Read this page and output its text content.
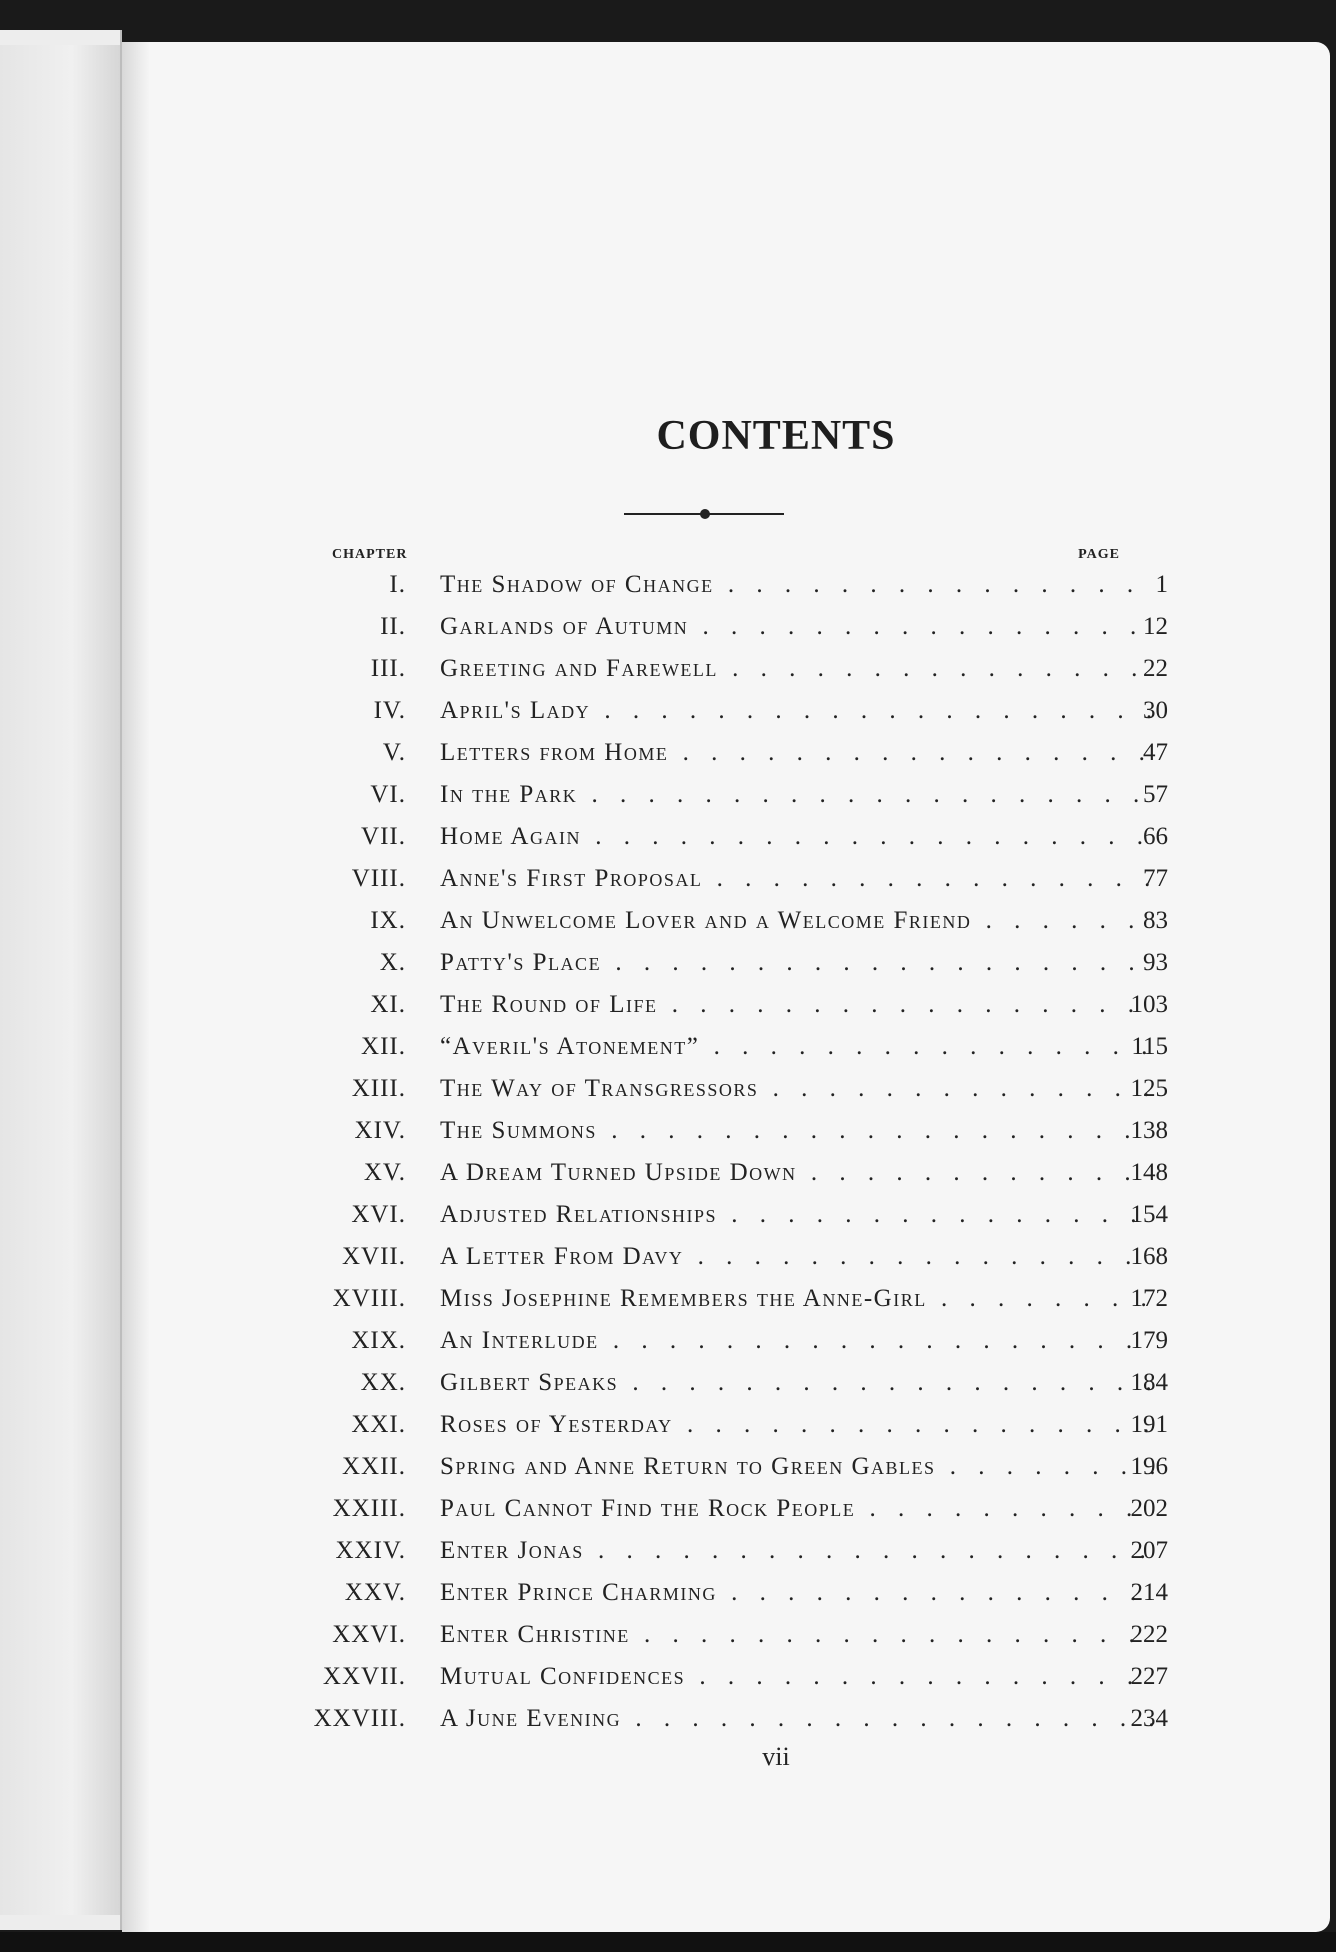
CONTENTS
CHAPTER	PAGE
I. The Shadow of Change . . .	1
II. Garlands of Autumn . . .	12
III. Greeting and Farewell . . .	22
IV. April's Lady . . .	30
V. Letters from Home . . .	47
VI. In the Park . . .	57
VII. Home Again . . .	66
VIII. Anne's First Proposal . . .	77
IX. An Unwelcome Lover and a Welcome Friend . . .	83
X. Patty's Place . . .	93
XI. The Round of Life . . .	103
XII. “Averil's Atonement” . . .	115
XIII. The Way of Transgressors . . .	125
XIV. The Summons . . .	138
XV. A Dream Turned Upside Down . . .	148
XVI. Adjusted Relationships . . .	154
XVII. A Letter From Davy . . .	168
XVIII. Miss Josephine Remembers the Anne-Girl . . .	172
XIX. An Interlude . . .	179
XX. Gilbert Speaks . . .	184
XXI. Roses of Yesterday . . .	191
XXII. Spring and Anne Return to Green Gables . . .	196
XXIII. Paul Cannot Find the Rock People . . .	202
XXIV. Enter Jonas . . .	207
XXV. Enter Prince Charming . . .	214
XXVI. Enter Christine . . .	222
XXVII. Mutual Confidences . . .	227
XXVIII. A June Evening . . .	234
vii
